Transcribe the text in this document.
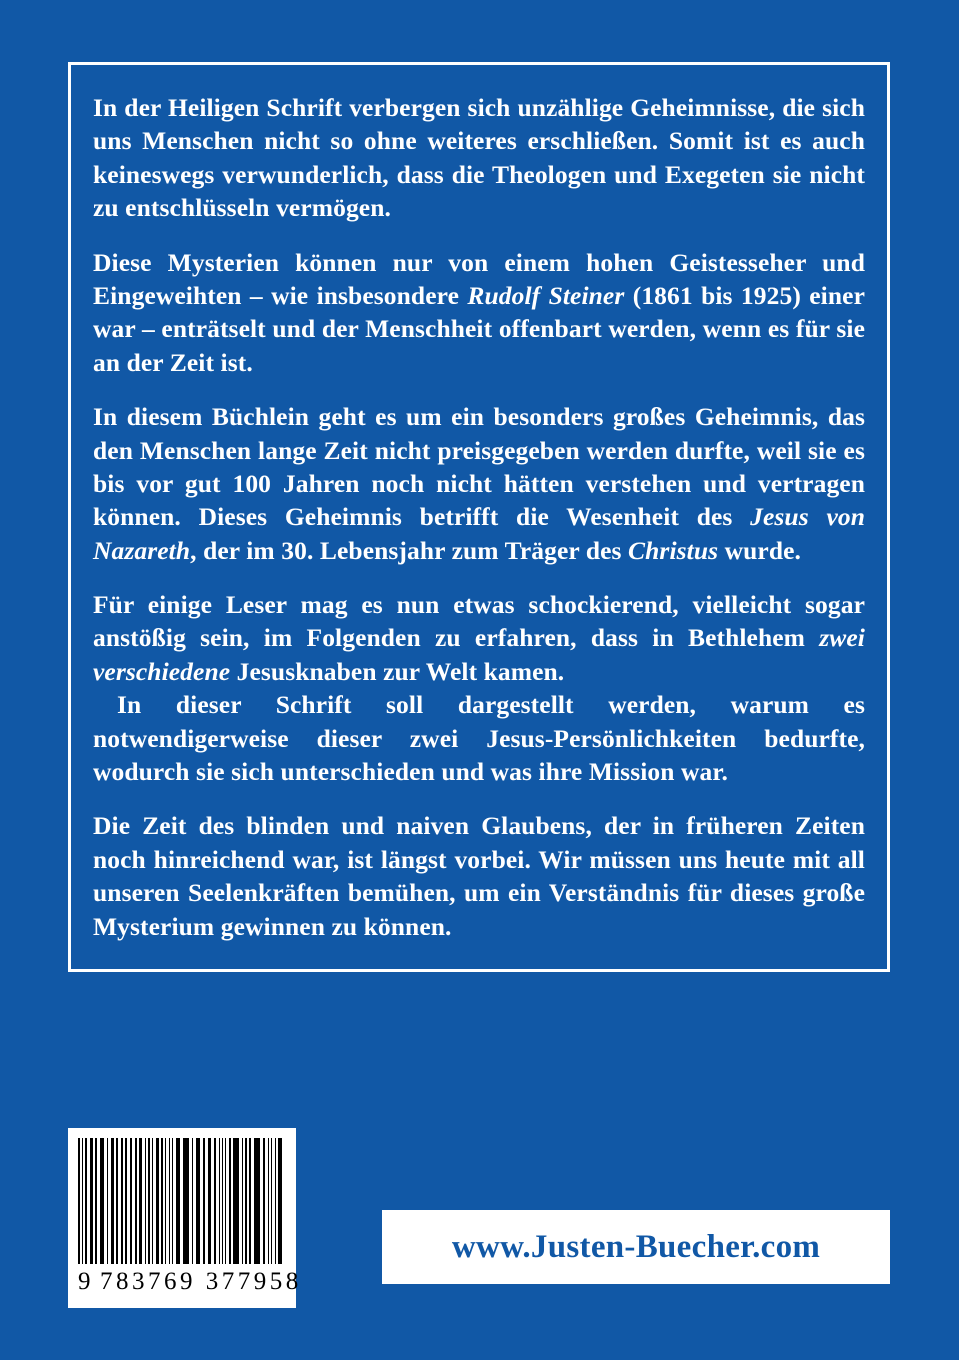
In der Heiligen Schrift verbergen sich unzählige Geheimnisse, die sich uns Menschen nicht so ohne weiteres erschließen. Somit ist es auch keineswegs verwunderlich, dass die Theologen und Exegeten sie nicht zu entschlüsseln vermögen.

Diese Mysterien können nur von einem hohen Geistesseher und Eingeweihten – wie insbesondere Rudolf Steiner (1861 bis 1925) einer war – enträtselt und der Menschheit offenbart werden, wenn es für sie an der Zeit ist.

In diesem Büchlein geht es um ein besonders großes Geheimnis, das den Menschen lange Zeit nicht preisgegeben werden durfte, weil sie es bis vor gut 100 Jahren noch nicht hätten verstehen und vertragen können. Dieses Geheimnis betrifft die Wesenheit des Jesus von Nazareth, der im 30. Lebensjahr zum Träger des Christus wurde.

Für einige Leser mag es nun etwas schockierend, vielleicht sogar anstößig sein, im Folgenden zu erfahren, dass in Bethlehem zwei verschiedene Jesusknaben zur Welt kamen.

In dieser Schrift soll dargestellt werden, warum es notwendigerweise dieser zwei Jesus-Persönlichkeiten bedurfte, wodurch sie sich unterschieden und was ihre Mission war.

Die Zeit des blinden und naiven Glaubens, der in früheren Zeiten noch hinreichend war, ist längst vorbei. Wir müssen uns heute mit all unseren Seelenkräften bemühen, um ein Verständnis für dieses große Mysterium gewinnen zu können.

9 783769 377958
www.Justen-Buecher.com
